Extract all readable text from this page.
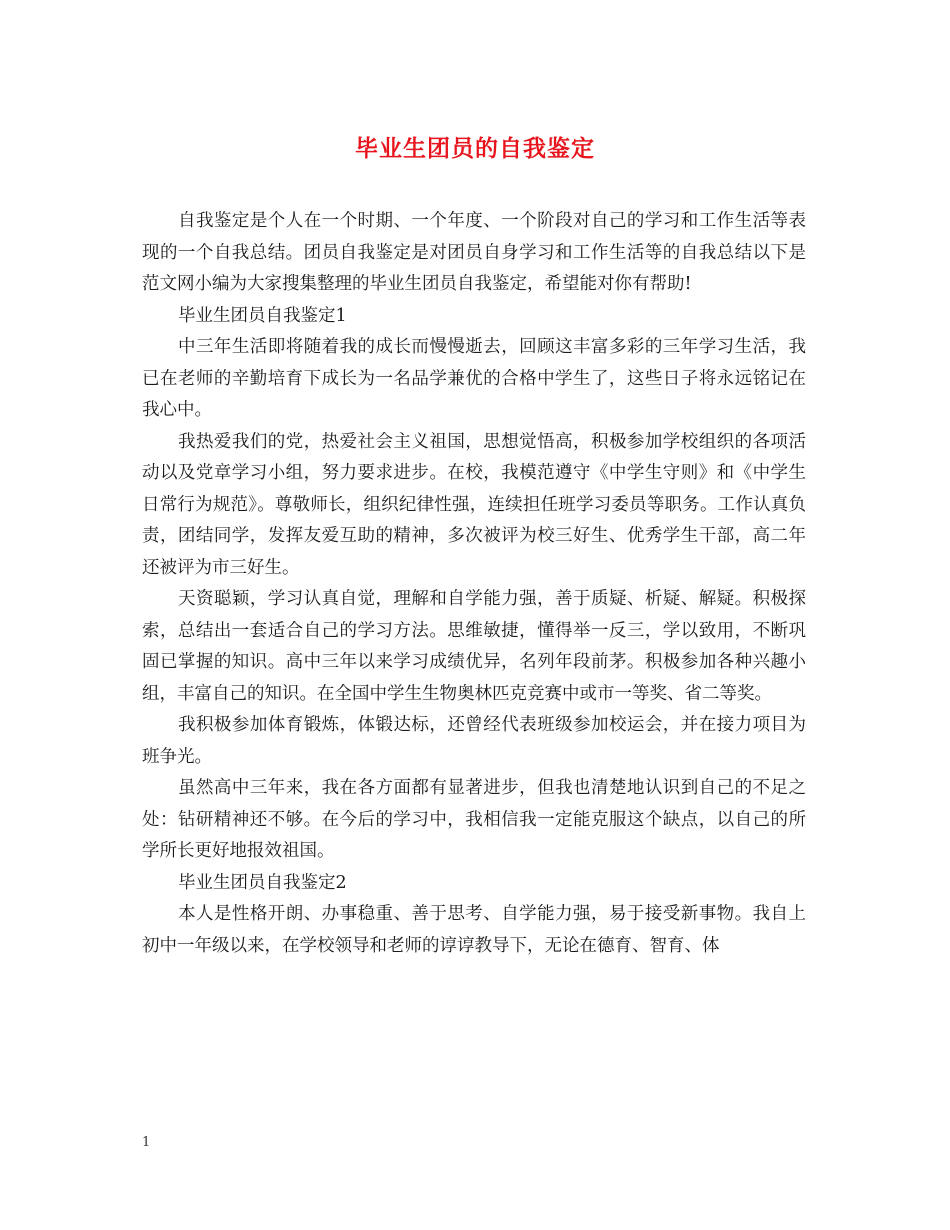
毕业生团员的自我鉴定

自我鉴定是个人在一个时期、一个年度、一个阶段对自己的学习和工作生活等表现的一个自我总结。团员自我鉴定是对团员自身学习和工作生活等的自我总结以下是范文网小编为大家搜集整理的毕业生团员自我鉴定，希望能对你有帮助!

毕业生团员自我鉴定1

中三年生活即将随着我的成长而慢慢逝去，回顾这丰富多彩的三年学习生活，我已在老师的辛勤培育下成长为一名品学兼优的合格中学生了，这些日子将永远铭记在我心中。

我热爱我们的党，热爱社会主义祖国，思想觉悟高，积极参加学校组织的各项活动以及党章学习小组，努力要求进步。在校，我模范遵守《中学生守则》和《中学生日常行为规范》。尊敬师长，组织纪律性强，连续担任班学习委员等职务。工作认真负责，团结同学，发挥友爱互助的精神，多次被评为校三好生、优秀学生干部，高二年还被评为市三好生。

天资聪颖，学习认真自觉，理解和自学能力强，善于质疑、析疑、解疑。积极探索，总结出一套适合自己的学习方法。思维敏捷，懂得举一反三，学以致用，不断巩固已掌握的知识。高中三年以来学习成绩优异，名列年段前茅。积极参加各种兴趣小组，丰富自己的知识。在全国中学生生物奥林匹克竞赛中或市一等奖、省二等奖。

我积极参加体育锻炼，体锻达标，还曾经代表班级参加校运会，并在接力项目为班争光。

虽然高中三年来，我在各方面都有显著进步，但我也清楚地认识到自己的不足之处：钻研精神还不够。在今后的学习中，我相信我一定能克服这个缺点，以自己的所学所长更好地报效祖国。

毕业生团员自我鉴定2

本人是性格开朗、办事稳重、善于思考、自学能力强，易于接受新事物。我自上初中一年级以来，在学校领导和老师的谆谆教导下，无论在德育、智育、体

1
